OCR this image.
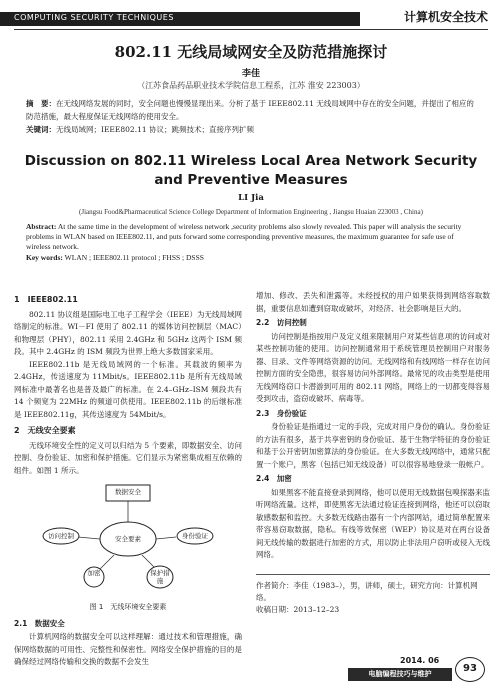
COMPUTING SECURITY TECHNIQUES	计算机安全技术
802.11 无线局域网安全及防范措施探讨
李佳
（江苏食品药品职业技术学院信息工程系，江苏 淮安 223003）
摘　要：在无线网络发展的同时，安全问题也慢慢显现出来。分析了基于 IEEE802.11 无线局域网中存在的安全问题，并提出了相应的防范措施，最大程度保证无线网络的使用安全。
关键词：无线局域网；IEEE802.11 协议；跳频技术；直接序列扩频
Discussion on 802.11 Wireless Local Area Network Security and Preventive Measures
LI Jia
(Jiangsu Food&Pharmaceutical Science College Department of Information Engineering , Jiangsu Huaian 223003 , China)
Abstract: At the same time in the development of wireless network ,security problems also slowly revealed. This paper will analysis the security problems in WLAN based on IEEE802.11, and puts forward some corresponding preventive measures, the maximum guarantee for safe use of wireless network.
Key words: WLAN ; IEEE802.11 protocol ; FHSS ; DSSS
1　IEEE802.11
802.11 协议组是国际电工电子工程学会（IEEE）为无线局域网络制定的标准。WI－FI 使用了 802.11 的媒体访问控制层（MAC）和物理层（PHY），802.11 采用 2.4GHz 和 5GHz 这两个 ISM 频段。其中 2.4GHz 的 ISM 频段为世界上绝大多数国家采用。
IEEE802.11b 是无线局域网的一个标准。其载波的频率为 2.4GHz，传送速度为 11Mbit/s。IEEE802.11b 是所有无线局域网标准中最著名也是普及最广的标准。在 2.4–GHz–ISM 频段共有 14 个频宽为 22MHz 的频道可供使用。IEEE802.11b 的后继标准是 IEEE802.11g，其传送速度为 54Mbit/s。
2　无线安全要素
无线环境安全性的定义可以归结为 5 个要素，即数据安全、访问控制、身份验证、加密和保护措施。它们显示为紧密集成相互依赖的组件。如图 1 所示。
数据安全
访问控制	安全要素	身份验证
加密	保护措施
图 1　无线环境安全要素
2.1　数据安全
计算机网络的数据安全可以这样理解：通过技术和管理措施，确保网络数据的可用性、完整性和保密性。网络安全保护措施的目的是确保经过网络传输和交换的数据不会发生
增加、修改、丢失和泄露等。未经授权的用户如果获得到网络容取数据，重要信息如遭到窃取或破坏，对经济、社会影响是巨大的。
2.2　访问控制
访问控制是指按用户及定义组来限制用户对某些信息项的访问或对某些控制功能的使用。访问控制通常用于系统管理员控制用户对服务器、目录、文件等网络资源的访问。无线网络和有线网络一样存在访问控制方面的安全隐患，很容易访问外部网络。最常见的攻击类型是使用无线网络窃口卡潜游到可用的 802.11 网络，网络上的一切都变得容易受到攻击，盗窃或破坏、病毒等。
2.3　身份验证
身份验证是指通过一定的手段，完成对用户身份的确认。身份验证的方法有很多，基于共享密钥的身份验证、基于生物学特征的身份验证和基于公开密钥加密算法的身份验证。在大多数无线网络中，通常只配置一个账户，黑客（包括已知无线设备）可以很容易地登录一般帐户。
2.4　加密
如果黑客不能直接登录到网络，他可以使用无线数据包嗅探器来监听网络流量。这样，即使黑客无法通过验证连接到网络，他还可以窃取敏感数据和监控。大多数无线路由器有一个内部网站，通过简单配置来带容易窃取数据，隐私。有线等效保密（WEP）协议是对在两台设备间无线传输的数据进行加密的方式，用以防止非法用户窃听或侵入无线网络。
作者简介：李佳（1983–），男，讲师，硕士，研究方向：计算机网络。
收稿日期：2013–12–23
2014. 06
电脑编程技巧与维护	93
